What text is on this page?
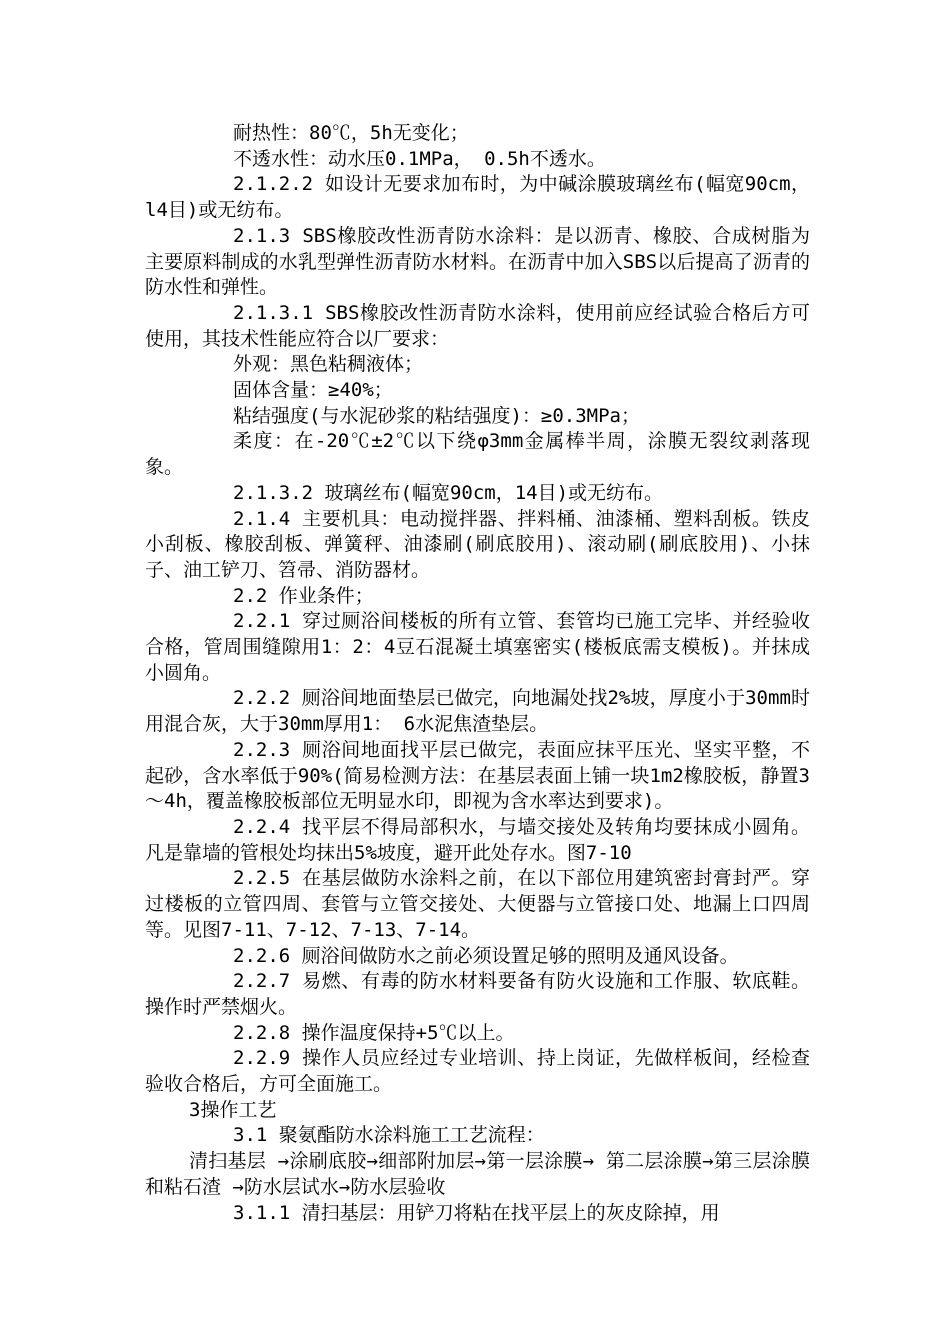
耐热性：80℃，5h无变化；

不透水性：动水压0.1MPa， 0.5h不透水。

2.1.2.2 如设计无要求加布时，为中碱涂膜玻璃丝布(幅宽90cm，l4目)或无纺布。

2.1.3 SBS橡胶改性沥青防水涂料：是以沥青、橡胶、合成树脂为主要原料制成的水乳型弹性沥青防水材料。在沥青中加入SBS以后提高了沥青的防水性和弹性。

2.1.3.1 SBS橡胶改性沥青防水涂料，使用前应经试验合格后方可使用，其技术性能应符合以厂要求：

外观：黑色粘稠液体；

固体含量：≥40%；

粘结强度(与水泥砂浆的粘结强度)：≥0.3MPa；

柔度：在-20℃±2℃以下绕φ3mm金属棒半周，涂膜无裂纹剥落现象。

2.1.3.2 玻璃丝布(幅宽90cm，14目)或无纺布。

2.1.4 主要机具：电动搅拌器、拌料桶、油漆桶、塑料刮板。铁皮小刮板、橡胶刮板、弹簧秤、油漆刷(刷底胶用)、滚动刷(刷底胶用)、小抹子、油工铲刀、笤帚、消防器材。

2.2 作业条件；

2.2.1 穿过厕浴间楼板的所有立管、套管均已施工完毕、并经验收合格，管周围缝隙用1：2：4豆石混凝土填塞密实(楼板底需支模板)。并抹成小圆角。

2.2.2 厕浴间地面垫层已做完，向地漏处找2%坡，厚度小于30mm时用混合灰，大于30mm厚用1： 6水泥焦渣垫层。

2.2.3 厕浴间地面找平层已做完，表面应抹平压光、坚实平整，不起砂，含水率低于90%(简易检测方法：在基层表面上铺一块1m2橡胶板，静置3～4h，覆盖橡胶板部位无明显水印，即视为含水率达到要求)。

2.2.4 找平层不得局部积水，与墙交接处及转角均要抹成小圆角。凡是靠墙的管根处均抹出5%坡度，避开此处存水。图7-10

2.2.5 在基层做防水涂料之前，在以下部位用建筑密封膏封严。穿过楼板的立管四周、套管与立管交接处、大便器与立管接口处、地漏上口四周等。见图7-11、7-12、7-13、7-14。

2.2.6 厕浴间做防水之前必须设置足够的照明及通风设备。

2.2.7 易燃、有毒的防水材料要备有防火设施和工作服、软底鞋。操作时严禁烟火。

2.2.8 操作温度保持+5℃以上。

2.2.9 操作人员应经过专业培训、持上岗证，先做样板间，经检查验收合格后，方可全面施工。

3操作工艺

3.1 聚氨酯防水涂料施工工艺流程：

清扫基层 →涂刷底胶→细部附加层→第一层涂膜→ 第二层涂膜→第三层涂膜和粘石渣 →防水层试水→防水层验收

3.1.1 清扫基层：用铲刀将粘在找平层上的灰皮除掉，用
